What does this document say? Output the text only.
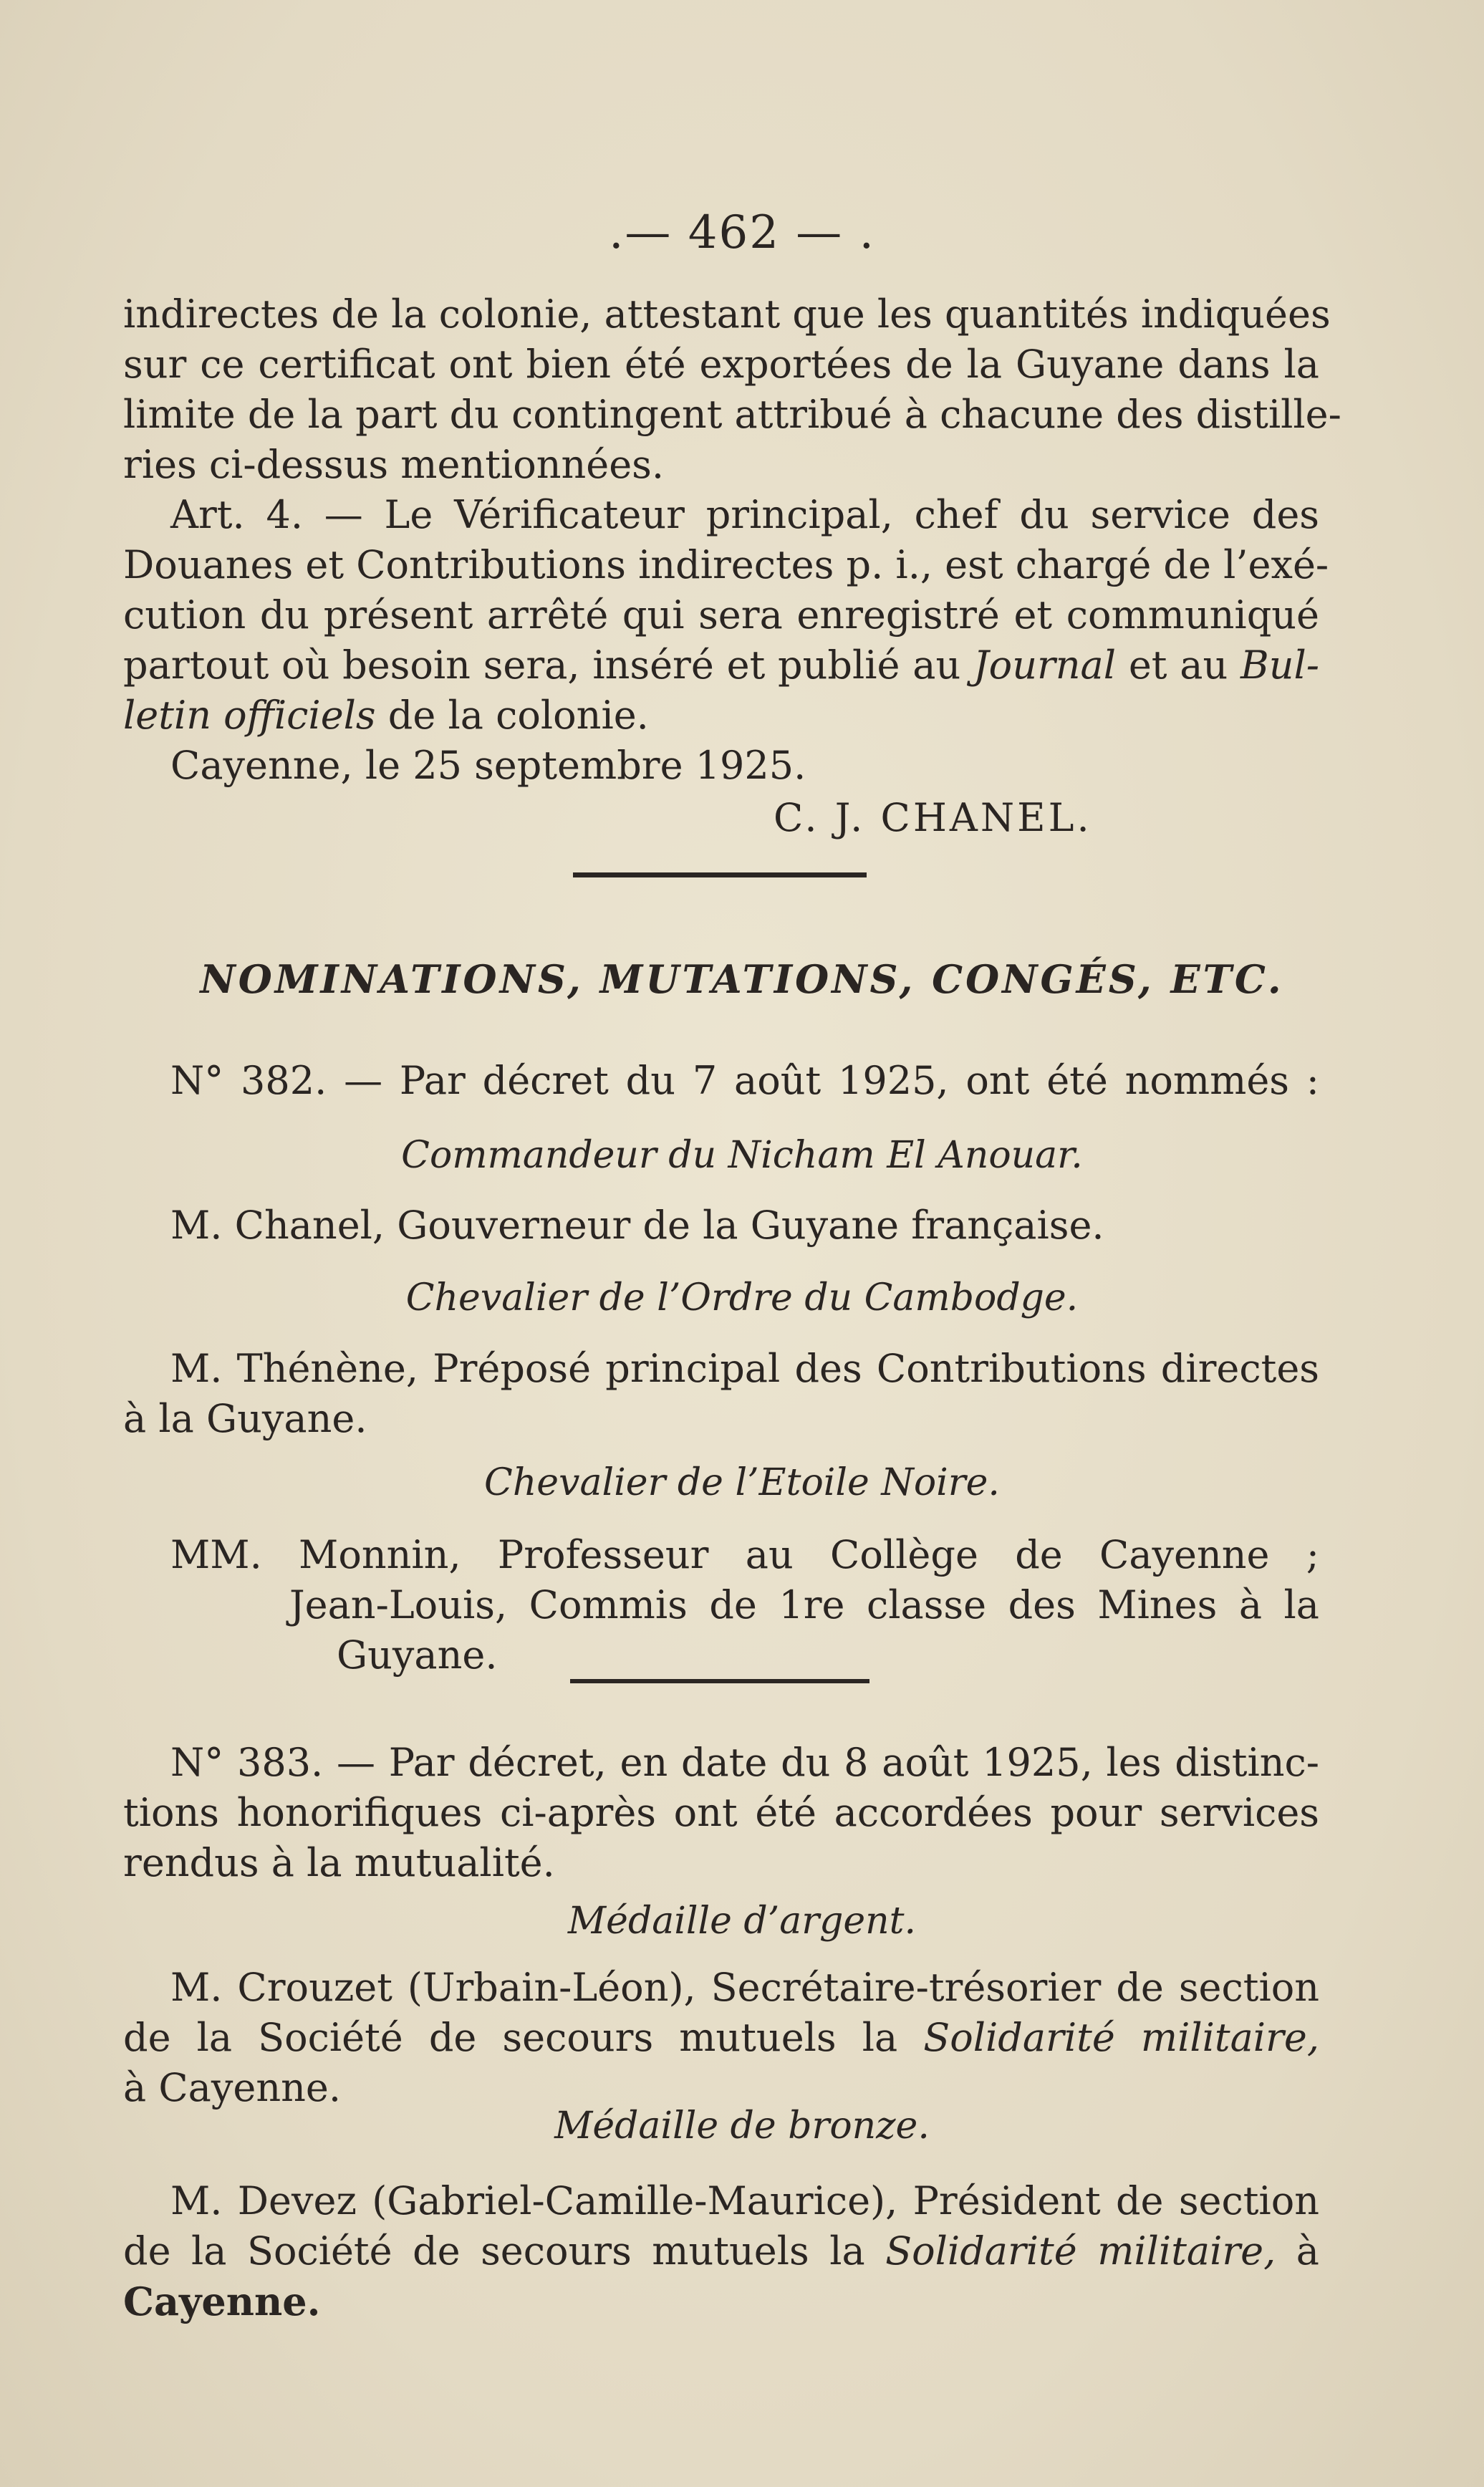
.— 462 — .

indirectes de la colonie, attestant que les quantités indiquées

sur ce certificat ont bien été exportées de la Guyane dans la

limite de la part du contingent attribué à chacune des distille-

ries ci-dessus mentionnées.

Art. 4. — Le Vérificateur principal, chef du service des

Douanes et Contributions indirectes p. i., est chargé de l’exé-

cution du présent arrêté qui sera enregistré et communiqué

partout où besoin sera, inséré et publié au Journal et au Bul-

letin officiels de la colonie.

Cayenne, le 25 septembre 1925.

C. J. CHANEL.
NOMINATIONS, MUTATIONS, CONGÉS, ETC.

N° 382. — Par décret du 7 août 1925, ont été nommés :

Commandeur du Nicham El Anouar.

M. Chanel, Gouverneur de la Guyane française.

Chevalier de l’Ordre du Cambodge.

M. Thénène, Préposé principal des Contributions directes

à la Guyane.

Chevalier de l’Etoile Noire.

MM. Monnin, Professeur au Collège de Cayenne ;

Jean-Louis, Commis de 1re classe des Mines à la

Guyane.

N° 383. — Par décret, en date du 8 août 1925, les distinc-

tions honorifiques ci-après ont été accordées pour services

rendus à la mutualité.

Médaille d’argent.

M. Crouzet (Urbain-Léon), Secrétaire-trésorier de section

de la Société de secours mutuels la Solidarité militaire,

à Cayenne.

Médaille de bronze.

M. Devez (Gabriel-Camille-Maurice), Président de section

de la Société de secours mutuels la Solidarité militaire, à

Cayenne.
